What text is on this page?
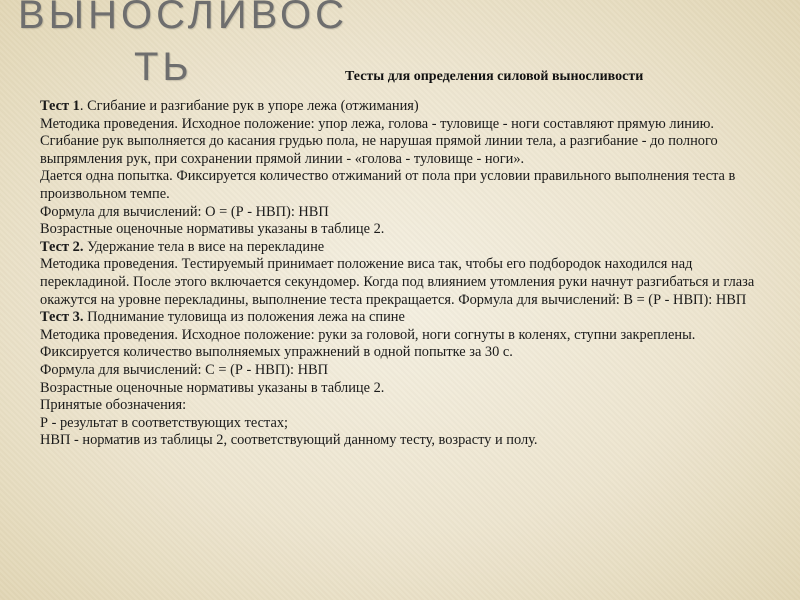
ВЫНОСЛИВОС
ТЬ	Тесты для определения силовой выносливости

Тест 1. Сгибание и разгибание рук в упоре лежа (отжимания)

Методика проведения. Исходное положение: упор лежа, голова - туловище - ноги составляют прямую линию.

Сгибание рук выполняется до касания грудью пола, не нарушая прямой линии тела, а разгибание - до полного выпрямления рук, при сохранении прямой линии - «голова - туловище - ноги».

Дается одна попытка. Фиксируется количество отжиманий от пола при условии правильного выполнения теста в произвольном темпе.

Формула для вычислений: О = (Р - НВП): НВП

Возрастные оценочные нормативы указаны в таблице 2.

Тест 2. Удержание тела в висе на перекладине

Методика проведения. Тестируемый принимает положение виса так, чтобы его подбородок находился над перекладиной. После этого включается секундомер. Когда под влиянием утомления руки начнут разгибаться и глаза окажутся на уровне перекладины, выполнение теста прекращается. Формула для вычислений: В = (Р - НВП): НВП

Тест 3. Поднимание туловища из положения лежа на спине

Методика проведения. Исходное положение: руки за головой, ноги согнуты в коленях, ступни закреплены. Фиксируется количество выполняемых упражнений в одной попытке за 30 с.

Формула для вычислений: С = (Р - НВП): НВП

Возрастные оценочные нормативы указаны в таблице 2.

Принятые обозначения:

Р - результат в соответствующих тестах;

НВП - норматив из таблицы 2, соответствующий данному тесту, возрасту и полу.
